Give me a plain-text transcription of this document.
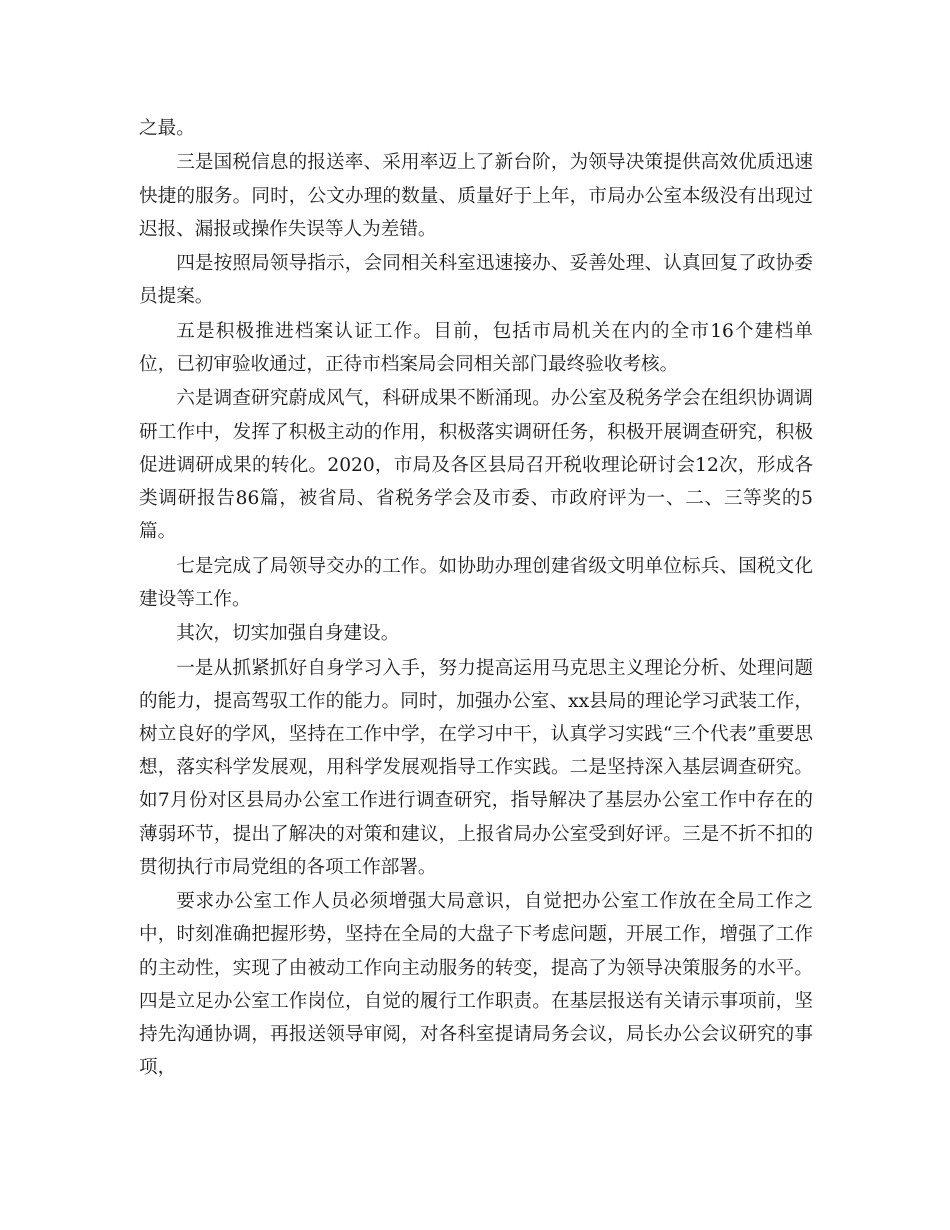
之最。

三是国税信息的报送率、采用率迈上了新台阶，为领导决策提供高效优质迅速快捷的服务。同时，公文办理的数量、质量好于上年，市局办公室本级没有出现过迟报、漏报或操作失误等人为差错。

四是按照局领导指示，会同相关科室迅速接办、妥善处理、认真回复了政协委员提案。

五是积极推进档案认证工作。目前，包括市局机关在内的全市16个建档单位，已初审验收通过，正待市档案局会同相关部门最终验收考核。

六是调查研究蔚成风气，科研成果不断涌现。办公室及税务学会在组织协调调研工作中，发挥了积极主动的作用，积极落实调研任务，积极开展调查研究，积极促进调研成果的转化。2020，市局及各区县局召开税收理论研讨会12次，形成各类调研报告86篇，被省局、省税务学会及市委、市政府评为一、二、三等奖的5篇。

七是完成了局领导交办的工作。如协助办理创建省级文明单位标兵、国税文化建设等工作。

其次，切实加强自身建设。

一是从抓紧抓好自身学习入手，努力提高运用马克思主义理论分析、处理问题的能力，提高驾驭工作的能力。同时，加强办公室、xx县局的理论学习武装工作，树立良好的学风，坚持在工作中学，在学习中干，认真学习实践“三个代表”重要思想，落实科学发展观，用科学发展观指导工作实践。二是坚持深入基层调查研究。如7月份对区县局办公室工作进行调查研究，指导解决了基层办公室工作中存在的薄弱环节，提出了解决的对策和建议，上报省局办公室受到好评。三是不折不扣的贯彻执行市局党组的各项工作部署。

要求办公室工作人员必须增强大局意识，自觉把办公室工作放在全局工作之中，时刻准确把握形势，坚持在全局的大盘子下考虑问题，开展工作，增强了工作的主动性，实现了由被动工作向主动服务的转变，提高了为领导决策服务的水平。四是立足办公室工作岗位，自觉的履行工作职责。在基层报送有关请示事项前，坚持先沟通协调，再报送领导审阅，对各科室提请局务会议，局长办公会议研究的事项，
